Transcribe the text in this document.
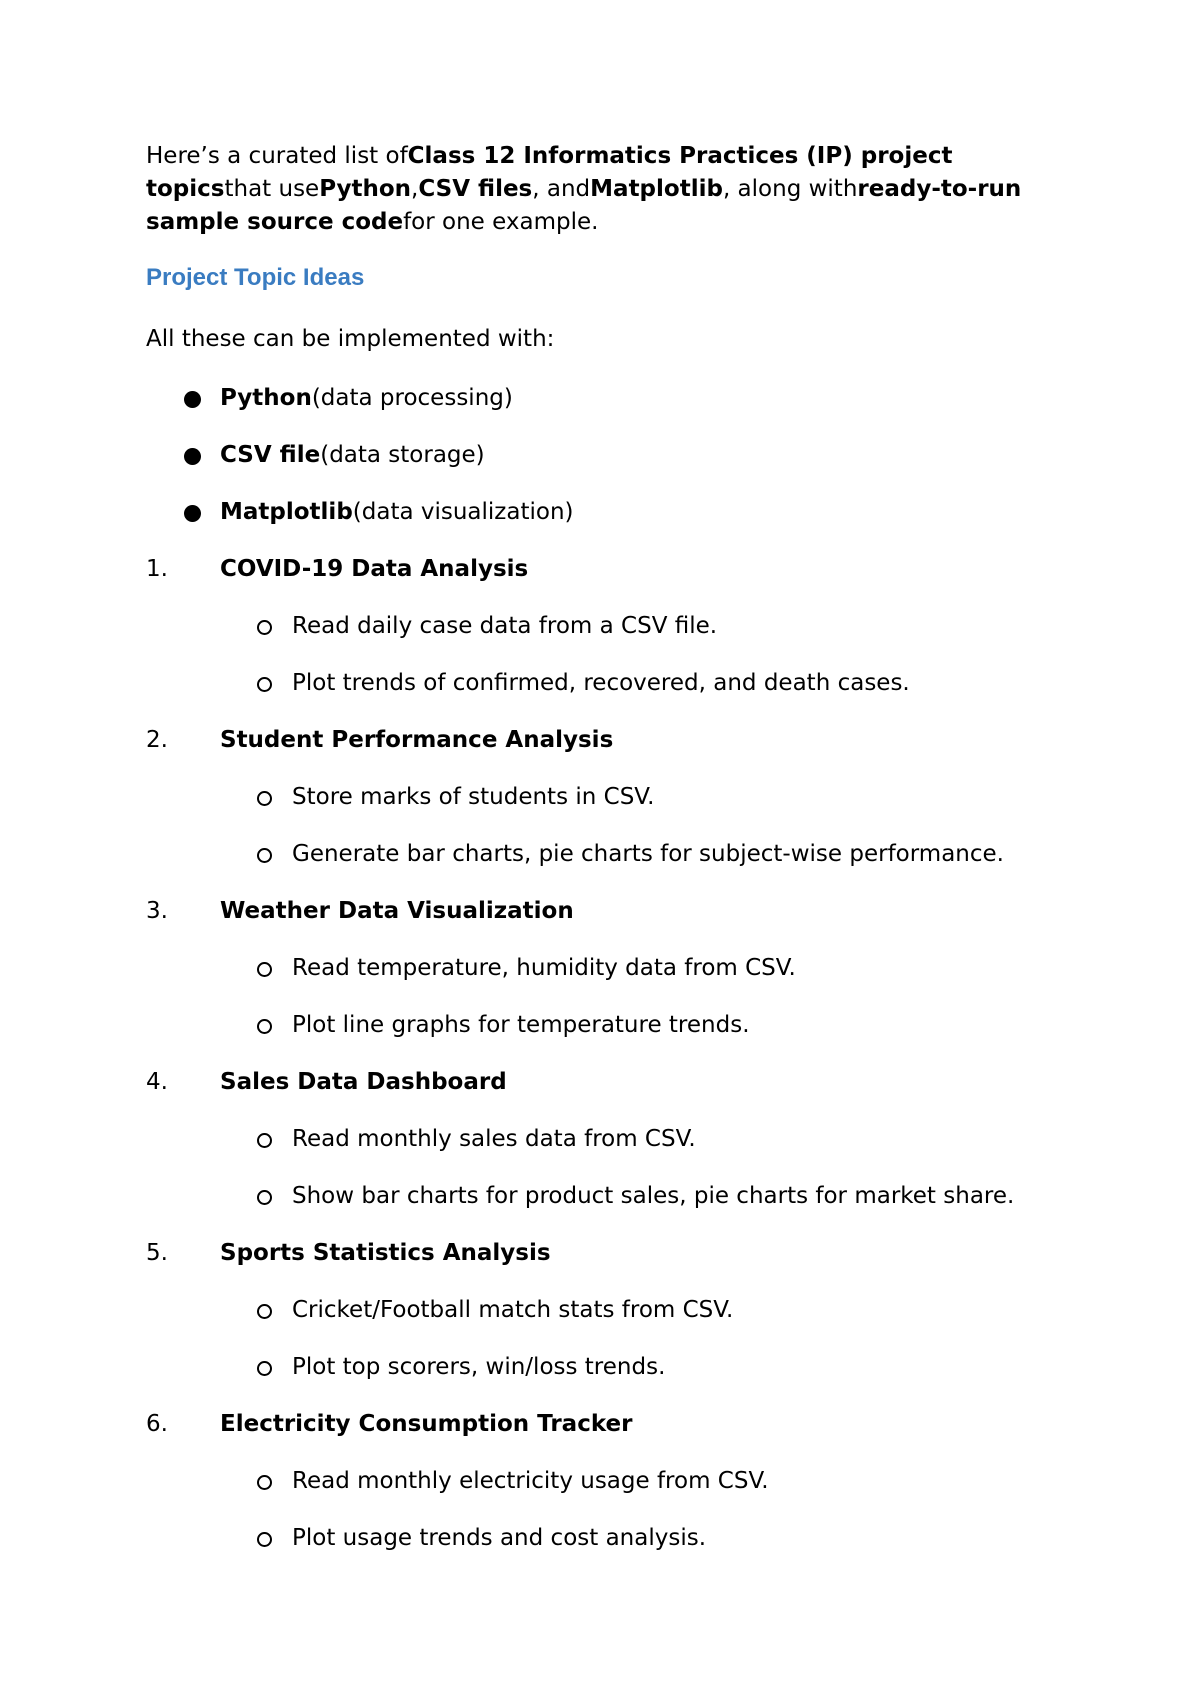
Here’s a curated list ofClass 12 Informatics Practices (IP) project topicsthat usePython,CSV files, andMatplotlib, along withready-to-run sample source codefor one example.

Project Topic Ideas

All these can be implemented with:

Python(data processing)
CSV file(data storage)
Matplotlib(data visualization)
1. COVID-19 Data Analysis
Read daily case data from a CSV file.
Plot trends of confirmed, recovered, and death cases.
2. Student Performance Analysis
Store marks of students in CSV.
Generate bar charts, pie charts for subject-wise performance.
3. Weather Data Visualization
Read temperature, humidity data from CSV.
Plot line graphs for temperature trends.
4. Sales Data Dashboard
Read monthly sales data from CSV.
Show bar charts for product sales, pie charts for market share.
5. Sports Statistics Analysis
Cricket/Football match stats from CSV.
Plot top scorers, win/loss trends.
6. Electricity Consumption Tracker
Read monthly electricity usage from CSV.
Plot usage trends and cost analysis.
